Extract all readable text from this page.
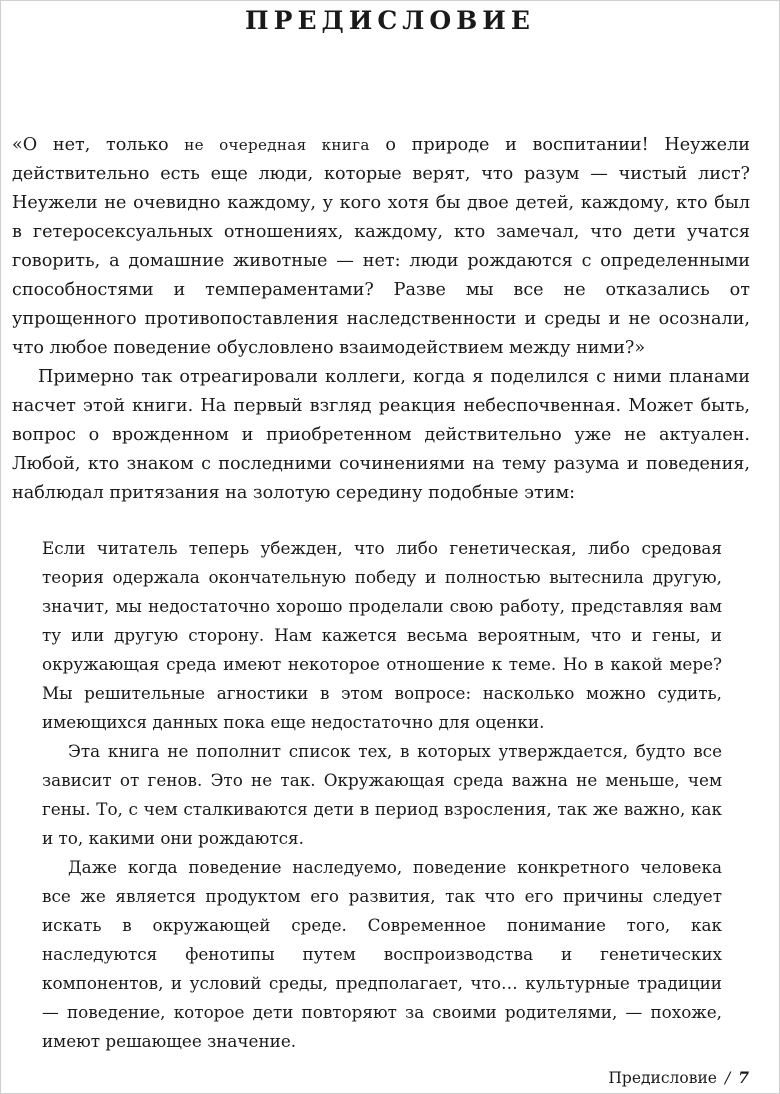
ПРЕДИСЛОВИЕ

«О нет, только не очередная книга о природе и воспитании! Неужели действительно есть еще люди, которые верят, что разум — чистый лист? Неужели не очевидно каждому, у кого хотя бы двое детей, каждому, кто был в гетеросексуальных отношениях, каждому, кто замечал, что дети учатся говорить, а домашние животные — нет: люди рождаются с определенными способностями и темпераментами? Разве мы все не отказались от упрощенного противопоставления наследственности и среды и не осознали, что любое поведение обусловлено взаимодействием между ними?»

Примерно так отреагировали коллеги, когда я поделился с ними планами насчет этой книги. На первый взгляд реакция небеспочвенная. Может быть, вопрос о врожденном и приобретенном действительно уже не актуален. Любой, кто знаком с последними сочинениями на тему разума и поведения, наблюдал притязания на золотую середину подобные этим:

Если читатель теперь убежден, что либо генетическая, либо средовая теория одержала окончательную победу и полностью вытеснила другую, значит, мы недостаточно хорошо проделали свою работу, представляя вам ту или другую сторону. Нам кажется весьма вероятным, что и гены, и окружающая среда имеют некоторое отношение к теме. Но в какой мере? Мы решительные агностики в этом вопросе: насколько можно судить, имеющихся данных пока еще недостаточно для оценки.

Эта книга не пополнит список тех, в которых утверждается, будто все зависит от генов. Это не так. Окружающая среда важна не меньше, чем гены. То, с чем сталкиваются дети в период взросления, так же важно, как и то, какими они рождаются.

Даже когда поведение наследуемо, поведение конкретного человека все же является продуктом его развития, так что его причины следует искать в окружающей среде. Современное понимание того, как наследуются фенотипы путем воспроизводства и генетических компонентов, и условий среды, предполагает, что… культурные традиции — поведение, которое дети повторяют за своими родителями, — похоже, имеют решающее значение.

Предисловие / 7
